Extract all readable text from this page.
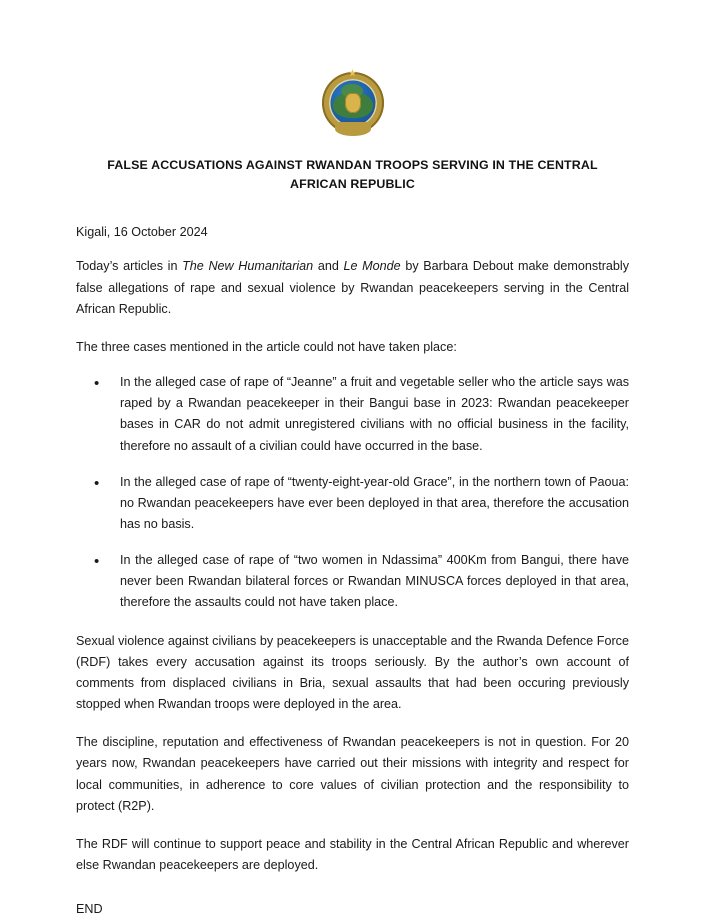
FALSE ACCUSATIONS AGAINST RWANDAN TROOPS SERVING IN THE CENTRAL AFRICAN REPUBLIC
Kigali, 16 October 2024

Today’s articles in The New Humanitarian and Le Monde by Barbara Debout make demonstrably false allegations of rape and sexual violence by Rwandan peacekeepers serving in the Central African Republic.

The three cases mentioned in the article could not have taken place:

• In the alleged case of rape of “Jeanne” a fruit and vegetable seller who the article says was raped by a Rwandan peacekeeper in their Bangui base in 2023: Rwandan peacekeeper bases in CAR do not admit unregistered civilians with no official business in the facility, therefore no assault of a civilian could have occurred in the base.
• In the alleged case of rape of “twenty-eight-year-old Grace”, in the northern town of Paoua: no Rwandan peacekeepers have ever been deployed in that area, therefore the accusation has no basis.
• In the alleged case of rape of “two women in Ndassima” 400Km from Bangui, there have never been Rwandan bilateral forces or Rwandan MINUSCA forces deployed in that area, therefore the assaults could not have taken place.

Sexual violence against civilians by peacekeepers is unacceptable and the Rwanda Defence Force (RDF) takes every accusation against its troops seriously. By the author’s own account of comments from displaced civilians in Bria, sexual assaults that had been occuring previously stopped when Rwandan troops were deployed in the area.

The discipline, reputation and effectiveness of Rwandan peacekeepers is not in question. For 20 years now, Rwandan peacekeepers have carried out their missions with integrity and respect for local communities, in adherence to core values of civilian protection and the responsibility to protect (R2P).

The RDF will continue to support peace and stability in the Central African Republic and wherever else Rwandan peacekeepers are deployed.

END
